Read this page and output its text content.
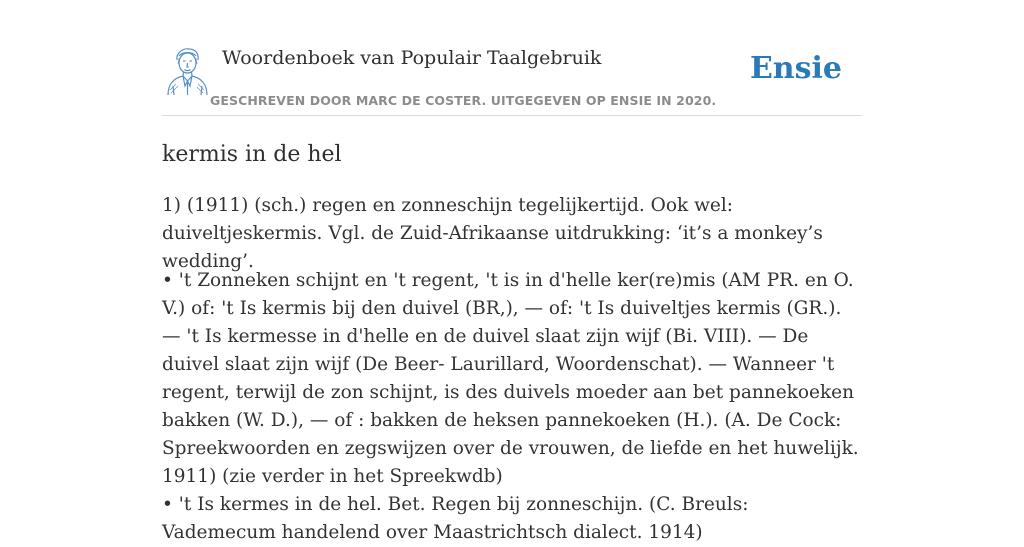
Woordenboek van Populair Taalgebruik	Ensie
GESCHREVEN DOOR MARC DE COSTER. UITGEGEVEN OP ENSIE IN 2020.
kermis in de hel

1) (1911) (sch.) regen en zonneschijn tegelijkertijd. Ook wel: duiveltjeskermis. Vgl. de Zuid-Afrikaanse uitdrukking: ‘it’s a monkey’s wedding’.

• 't Zonneken schijnt en 't regent, 't is in d'helle ker(re)mis (AM PR. en O. V.) of: 't Is kermis bij den duivel (BR,), — of: 't Is duiveltjes kermis (GR.). — 't Is kermesse in d'helle en de duivel slaat zijn wijf (Bi. VIII). — De duivel slaat zijn wijf (De Beer- Laurillard, Woordenschat). — Wanneer 't regent, terwijl de zon schijnt, is des duivels moeder aan bet pannekoeken bakken (W. D.), — of : bakken de heksen pannekoeken (H.). (A. De Cock: Spreekwoorden en zegswijzen over de vrouwen, de liefde en het huwelijk. 1911) (zie verder in het Spreekwdb)

• 't Is kermes in de hel. Bet. Regen bij zonneschijn. (C. Breuls: Vademecum handelend over Maastrichtsch dialect. 1914)
